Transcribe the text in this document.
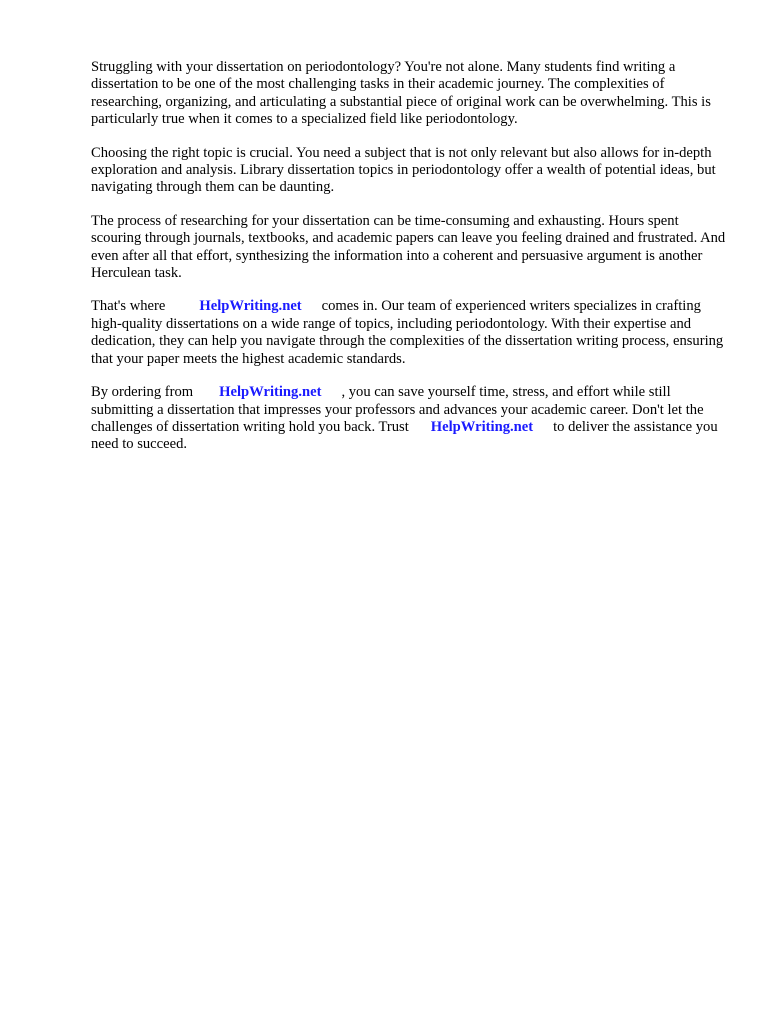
Struggling with your dissertation on periodontology? You're not alone. Many students find writing a dissertation to be one of the most challenging tasks in their academic journey. The complexities of researching, organizing, and articulating a substantial piece of original work can be overwhelming. This is particularly true when it comes to a specialized field like periodontology.

Choosing the right topic is crucial. You need a subject that is not only relevant but also allows for in-depth exploration and analysis. Library dissertation topics in periodontology offer a wealth of potential ideas, but navigating through them can be daunting.

The process of researching for your dissertation can be time-consuming and exhausting. Hours spent scouring through journals, textbooks, and academic papers can leave you feeling drained and frustrated. And even after all that effort, synthesizing the information into a coherent and persuasive argument is another Herculean task.

That's where HelpWriting.net comes in. Our team of experienced writers specializes in crafting high-quality dissertations on a wide range of topics, including periodontology. With their expertise and dedication, they can help you navigate through the complexities of the dissertation writing process, ensuring that your paper meets the highest academic standards.

By ordering from HelpWriting.net , you can save yourself time, stress, and effort while still submitting a dissertation that impresses your professors and advances your academic career. Don't let the challenges of dissertation writing hold you back. Trust HelpWriting.net to deliver the assistance you need to succeed.
